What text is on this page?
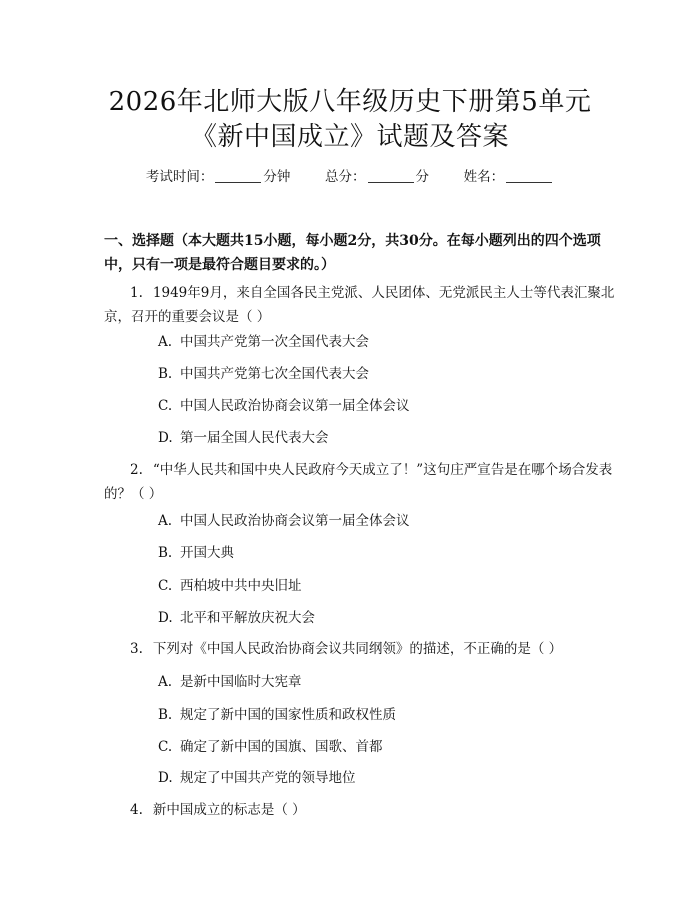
2026年北师大版八年级历史下册第5单元
《新中国成立》试题及答案
考试时间：	分钟	总分：	分	姓名：
一、选择题（本大题共15小题，每小题2分，共30分。在每小题列出的四个选项中，只有一项是最符合题目要求的。）
1. 1949年9月，来自全国各民主党派、人民团体、无党派民主人士等代表汇聚北京，召开的重要会议是（ ）
A. 中国共产党第一次全国代表大会
B. 中国共产党第七次全国代表大会
C. 中国人民政治协商会议第一届全体会议
D. 第一届全国人民代表大会
2. “中华人民共和国中央人民政府今天成立了！”这句庄严宣告是在哪个场合发表的？（ ）
A. 中国人民政治协商会议第一届全体会议
B. 开国大典
C. 西柏坡中共中央旧址
D. 北平和平解放庆祝大会
3. 下列对《中国人民政治协商会议共同纲领》的描述，不正确的是（ ）
A. 是新中国临时大宪章
B. 规定了新中国的国家性质和政权性质
C. 确定了新中国的国旗、国歌、首都
D. 规定了中国共产党的领导地位
4. 新中国成立的标志是（ ）
